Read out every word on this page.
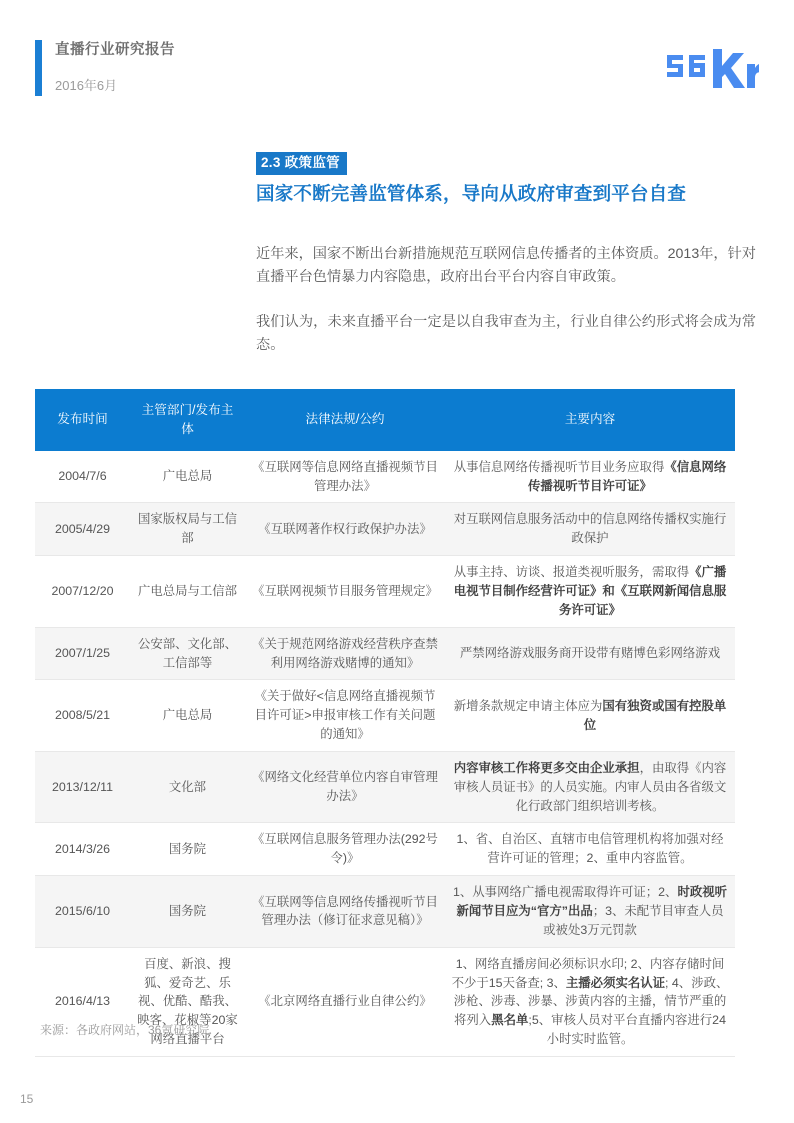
直播行业研究报告
2016年6月
2.3 政策监管
国家不断完善监管体系，导向从政府审查到平台自查

近年来，国家不断出台新措施规范互联网信息传播者的主体资质。2013年，针对直播平台色情暴力内容隐患，政府出台平台内容自审政策。

我们认为，未来直播平台一定是以自我审查为主，行业自律公约形式将会成为常态。

发布时间	主管部门/发布主体	法律法规/公约	主要内容
2004/7/6	广电总局	《互联网等信息网络直播视频节目管理办法》	从事信息网络传播视听节目业务应取得《信息网络传播视听节目许可证》
2005/4/29	国家版权局与工信部	《互联网著作权行政保护办法》	对互联网信息服务活动中的信息网络传播权实施行政保护
2007/12/20	广电总局与工信部	《互联网视频节目服务管理规定》	从事主持、访谈、报道类视听服务，需取得《广播电视节目制作经营许可证》和《互联网新闻信息服务许可证》
2007/1/25	公安部、文化部、工信部等	《关于规范网络游戏经营秩序查禁利用网络游戏赌博的通知》	严禁网络游戏服务商开设带有赌博色彩网络游戏
2008/5/21	广电总局	《关于做好<信息网络直播视频节目许可证>申报审核工作有关问题的通知》	新增条款规定申请主体应为国有独资或国有控股单位
2013/12/11	文化部	《网络文化经营单位内容自审管理办法》	内容审核工作将更多交由企业承担，由取得《内容审核人员证书》的人员实施。内审人员由各省级文化行政部门组织培训考核。
2014/3/26	国务院	《互联网信息服务管理办法(292号令)》	1、省、自治区、直辖市电信管理机构将加强对经营许可证的管理；2、重申内容监管。
2015/6/10	国务院	《互联网等信息网络传播视听节目管理办法（修订征求意见稿）》	1、从事网络广播电视需取得许可证；2、时政视听新闻节目应为“官方”出品；3、未配节目审查人员或被处3万元罚款
2016/4/13	百度、新浪、搜狐、爱奇艺、乐视、优酷、酷我、映客、花椒等20家网络直播平台	《北京网络直播行业自律公约》	1、网络直播房间必须标识水印; 2、内容存储时间不少于15天备查; 3、主播必须实名认证; 4、涉政、涉枪、涉毒、涉暴、涉黄内容的主播，情节严重的将列入黑名单;5、审核人员对平台直播内容进行24小时实时监管。
来源：各政府网站，36氪研究院
15
